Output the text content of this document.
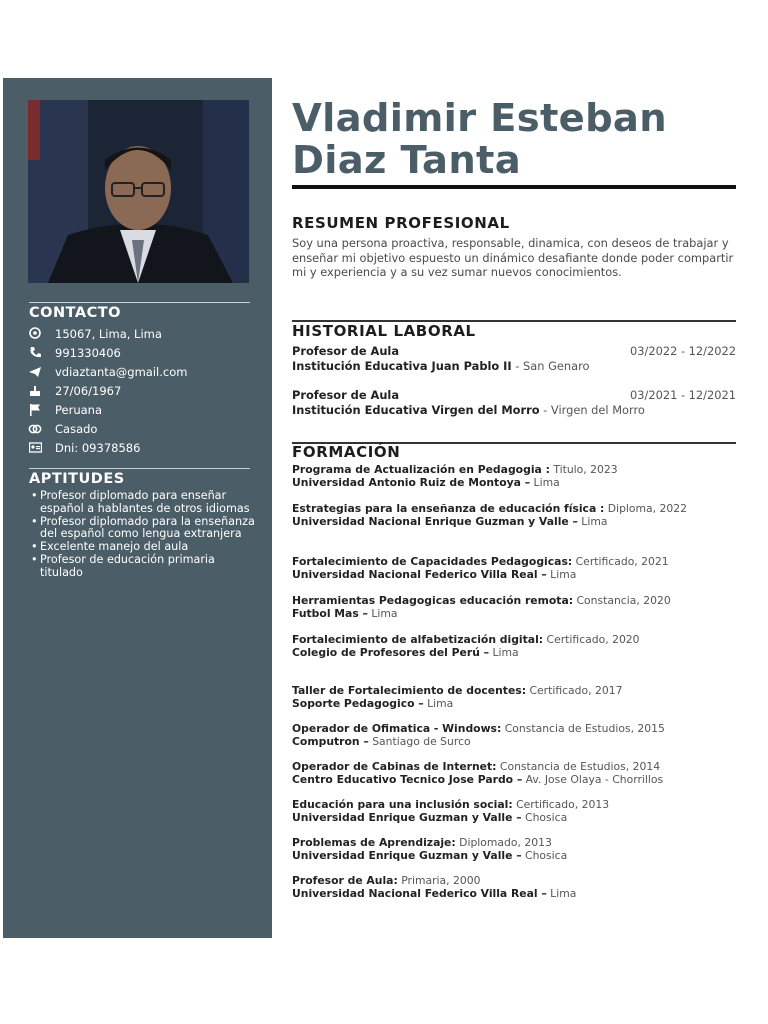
CONTACTO
15067, Lima, Lima
991330406
vdiaztanta@gmail.com
27/06/1967
Peruana
Casado
Dni: 09378586
APTITUDES
• Profesor diplomado para enseñar español a hablantes de otros idiomas
• Profesor diplomado para la enseñanza del español como lengua extranjera
• Excelente manejo del aula
• Profesor de educación primaria titulado
Vladimir Esteban
Diaz Tanta
RESUMEN PROFESIONAL
Soy una persona proactiva, responsable, dinamica, con deseos de trabajar y enseñar mi objetivo espuesto un dinámico desafiante donde poder compartir mi y experiencia y a su vez sumar nuevos conocimientos.
HISTORIAL LABORAL
Profesor de Aula	03/2022 - 12/2022
Institución Educativa Juan Pablo II - San Genaro
Profesor de Aula	03/2021 - 12/2021
Institución Educativa Virgen del Morro - Virgen del Morro
FORMACIÓN
Programa de Actualización en Pedagogia : Titulo, 2023
Universidad Antonio Ruiz de Montoya – Lima
Estrategias para la enseñanza de educación física : Diploma, 2022
Universidad Nacional Enrique Guzman y Valle – Lima
Fortalecimiento de Capacidades Pedagogicas: Certificado, 2021
Universidad Nacional Federico Villa Real – Lima
Herramientas Pedagogicas educación remota: Constancia, 2020
Futbol Mas – Lima
Fortalecimiento de alfabetización digital: Certificado, 2020
Colegio de Profesores del Perú – Lima
Taller de Fortalecimiento de docentes: Certificado, 2017
Soporte Pedagogico – Lima
Operador de Ofimatica - Windows: Constancia de Estudios, 2015
Computron – Santiago de Surco
Operador de Cabinas de Internet: Constancia de Estudios, 2014
Centro Educativo Tecnico Jose Pardo – Av. Jose Olaya - Chorrillos
Educación para una inclusión social: Certificado, 2013
Universidad Enrique Guzman y Valle – Chosica
Problemas de Aprendizaje: Diplomado, 2013
Universidad Enrique Guzman y Valle – Chosica
Profesor de Aula: Primaria, 2000
Universidad Nacional Federico Villa Real – Lima
